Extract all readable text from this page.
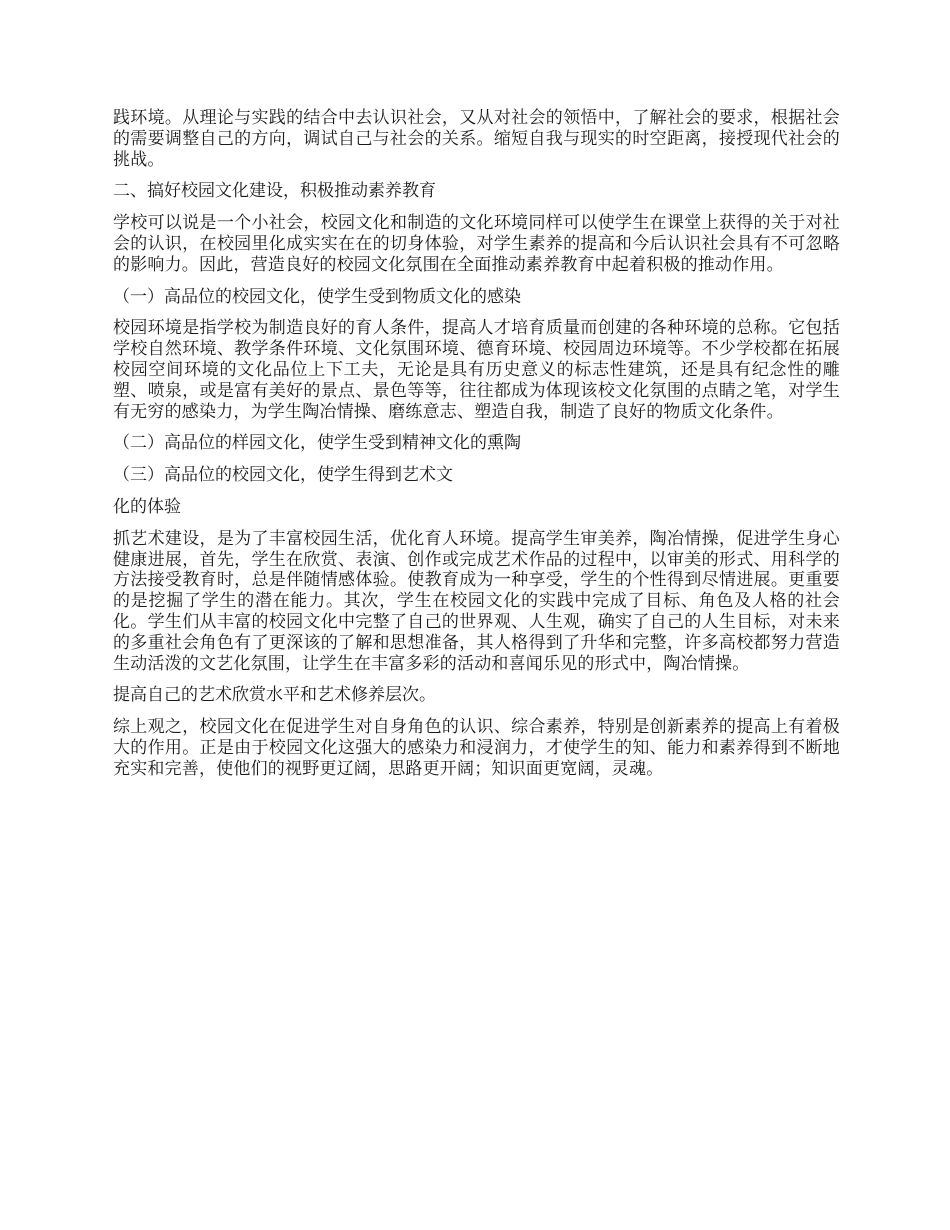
践环境。从理论与实践的结合中去认识社会，又从对社会的领悟中，了解社会的要求，根据社会的需要调整自己的方向，调试自己与社会的关系。缩短自我与现实的时空距离，接授现代社会的挑战。

二、搞好校园文化建设，积极推动素养教育

学校可以说是一个小社会，校园文化和制造的文化环境同样可以使学生在课堂上获得的关于对社会的认识，在校园里化成实实在在的切身体验，对学生素养的提高和今后认识社会具有不可忽略的影响力。因此，营造良好的校园文化氛围在全面推动素养教育中起着积极的推动作用。

（一）高品位的校园文化，使学生受到物质文化的感染

校园环境是指学校为制造良好的育人条件，提高人才培育质量而创建的各种环境的总称。它包括学校自然环境、教学条件环境、文化氛围环境、德育环境、校园周边环境等。不少学校都在拓展校园空间环境的文化品位上下工夫，无论是具有历史意义的标志性建筑，还是具有纪念性的雕塑、喷泉，或是富有美好的景点、景色等等，往往都成为体现该校文化氛围的点睛之笔，对学生有无穷的感染力，为学生陶冶情操、磨练意志、塑造自我，制造了良好的物质文化条件。

（二）高品位的样园文化，使学生受到精神文化的熏陶

（三）高品位的校园文化，使学生得到艺术文

化的体验

抓艺术建设，是为了丰富校园生活，优化育人环境。提高学生审美养，陶冶情操，促进学生身心健康进展，首先，学生在欣赏、表演、创作或完成艺术作品的过程中，以审美的形式、用科学的方法接受教育时，总是伴随情感体验。使教育成为一种享受，学生的个性得到尽情进展。更重要的是挖掘了学生的潜在能力。其次，学生在校园文化的实践中完成了目标、角色及人格的社会化。学生们从丰富的校园文化中完整了自己的世界观、人生观，确实了自己的人生目标，对未来的多重社会角色有了更深该的了解和思想准备，其人格得到了升华和完整，许多高校都努力营造生动活泼的文艺化氛围，让学生在丰富多彩的活动和喜闻乐见的形式中，陶冶情操。

提高自己的艺术欣赏水平和艺术修养层次。

综上观之，校园文化在促进学生对自身角色的认识、综合素养，特别是创新素养的提高上有着极大的作用。正是由于校园文化这强大的感染力和浸润力，才使学生的知、能力和素养得到不断地充实和完善，使他们的视野更辽阔，思路更开阔；知识面更宽阔，灵魂。
